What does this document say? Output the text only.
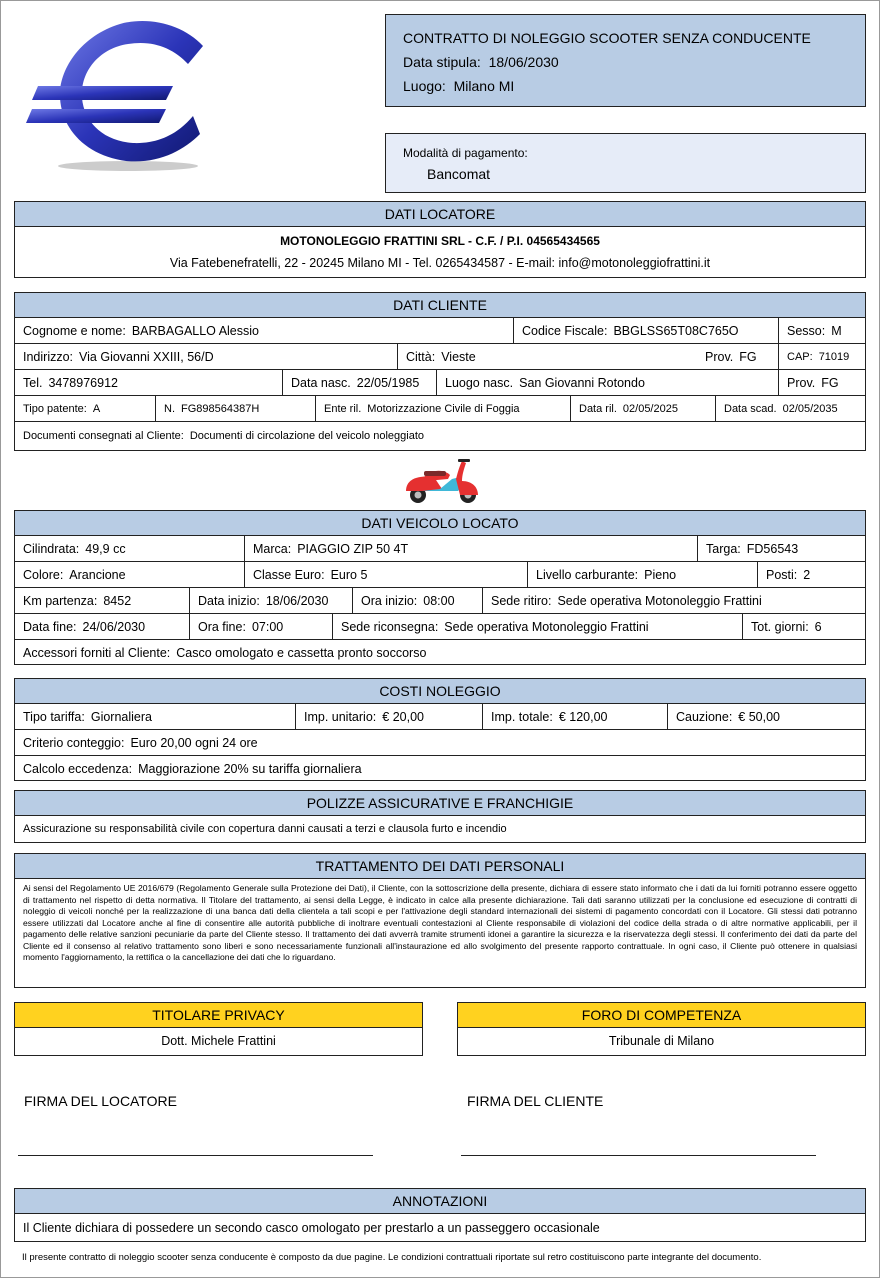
CONTRATTO DI NOLEGGIO SCOOTER SENZA CONDUCENTE
Data stipula: 18/06/2030
Luogo: Milano MI
Modalità di pagamento:
Bancomat
DATI LOCATORE
MOTONOLEGGIO FRATTINI SRL - C.F. / P.I. 04565434565
Via Fatebenefratelli, 22 - 20245 Milano MI - Tel. 0265434587 - E-mail: info@motonoleggiofrattini.it
DATI CLIENTE
Cognome e nome: BARBAGALLO Alessio	Codice Fiscale: BBGLSS65T08C765O	Sesso: M
Indirizzo: Via Giovanni XXIII, 56/D	Città: Vieste	Prov. FG	CAP: 71019
Tel. 3478976912	Data nasc. 22/05/1985 Luogo nasc. San Giovanni Rotondo	Prov. FG
Tipo patente: A	N. FG898564387H	Ente ril. Motorizzazione Civile di Foggia	Data ril. 02/05/2025	Data scad. 02/05/2035
Documenti consegnati al Cliente: Documenti di circolazione del veicolo noleggiato
DATI VEICOLO LOCATO
Cilindrata: 49,9 cc	Marca: PIAGGIO ZIP 50 4T	Targa: FD56543
Colore: Arancione	Classe Euro: Euro 5	Livello carburante: Pieno	Posti: 2
Km partenza: 8452	Data inizio: 18/06/2030	Ora inizio: 08:00	Sede ritiro: Sede operativa Motonoleggio Frattini
Data fine: 24/06/2030	Ora fine: 07:00	Sede riconsegna: Sede operativa Motonoleggio Frattini	Tot. giorni: 6
Accessori forniti al Cliente: Casco omologato e cassetta pronto soccorso
COSTI NOLEGGIO
Tipo tariffa: Giornaliera	Imp. unitario: € 20,00	Imp. totale: € 120,00	Cauzione: € 50,00
Criterio conteggio: Euro 20,00 ogni 24 ore
Calcolo eccedenza: Maggiorazione 20% su tariffa giornaliera
POLIZZE ASSICURATIVE E FRANCHIGIE
Assicurazione su responsabilità civile con copertura danni causati a terzi e clausola furto e incendio
TRATTAMENTO DEI DATI PERSONALI
Ai sensi del Regolamento UE 2016/679 (Regolamento Generale sulla Protezione dei Dati), il Cliente, con la sottoscrizione della presente, dichiara di essere stato informato che i dati da lui forniti potranno essere oggetto di trattamento nel rispetto di detta normativa. Il Titolare del trattamento, ai sensi della Legge, è indicato in calce alla presente dichiarazione. Tali dati saranno utilizzati per la conclusione ed esecuzione di contratti di noleggio di veicoli nonché per la realizzazione di una banca dati della clientela a tali scopi e per l'attivazione degli standard internazionali dei sistemi di pagamento concordati con il Locatore. Gli stessi dati potranno essere utilizzati dal Locatore anche al fine di consentire alle autorità pubbliche di inoltrare eventuali contestazioni al Cliente responsabile di violazioni del codice della strada o di altre normative applicabili, per il pagamento delle relative sanzioni pecuniarie da parte del Cliente stesso. Il trattamento dei dati avverrà tramite strumenti idonei a garantire la sicurezza e la riservatezza degli stessi. Il conferimento dei dati da parte del Cliente ed il consenso al relativo trattamento sono liberi e sono necessariamente funzionali all'instaurazione ed allo svolgimento del presente rapporto contrattuale. In ogni caso, il Cliente può ottenere in qualsiasi momento l'aggiornamento, la rettifica o la cancellazione dei dati che lo riguardano.
TITOLARE PRIVACY
Dott. Michele Frattini
FORO DI COMPETENZA
Tribunale di Milano
FIRMA DEL LOCATORE	FIRMA DEL CLIENTE
ANNOTAZIONI
Il Cliente dichiara di possedere un secondo casco omologato per prestarlo a un passeggero occasionale
Il presente contratto di noleggio scooter senza conducente è composto da due pagine. Le condizioni contrattuali riportate sul retro costituiscono parte integrante del documento.
